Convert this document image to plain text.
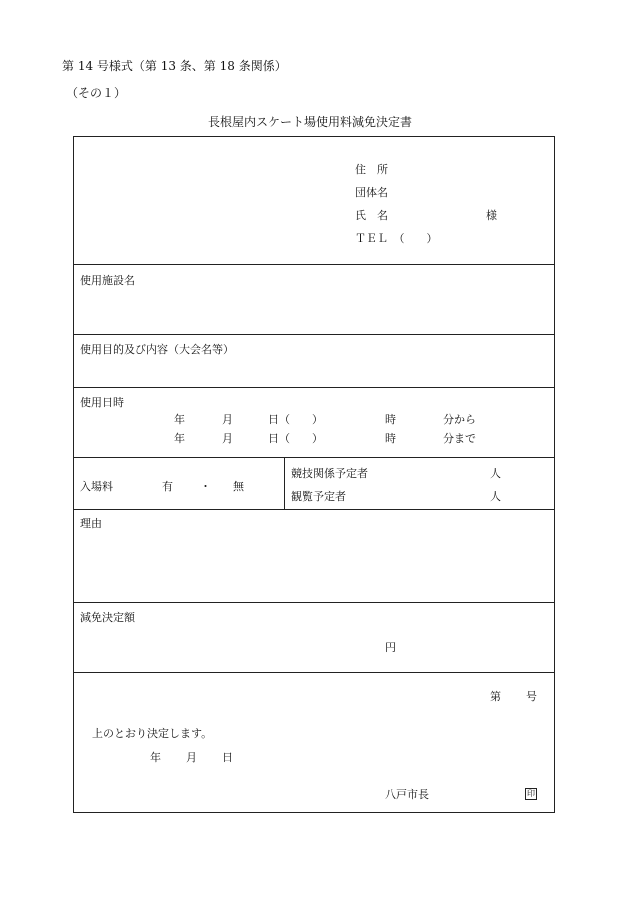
第 14 号様式（第 13 条、第 18 条関係）
（その１）
長根屋内スケート場使用料減免決定書
住　所
団体名
氏　名	様
ＴＥＬ　（　　）
使用施設名
使用目的及び内容（大会名等）
使用日時
年	月	日（　　）	時	分から
年	月	日（　　）	時	分まで
入場料	有 ・ 無
競技関係予定者	人
観覧予定者	人
理由
減免決定額
円
第 号
上のとおり決定します。
年 月 日
八戸市長	印
